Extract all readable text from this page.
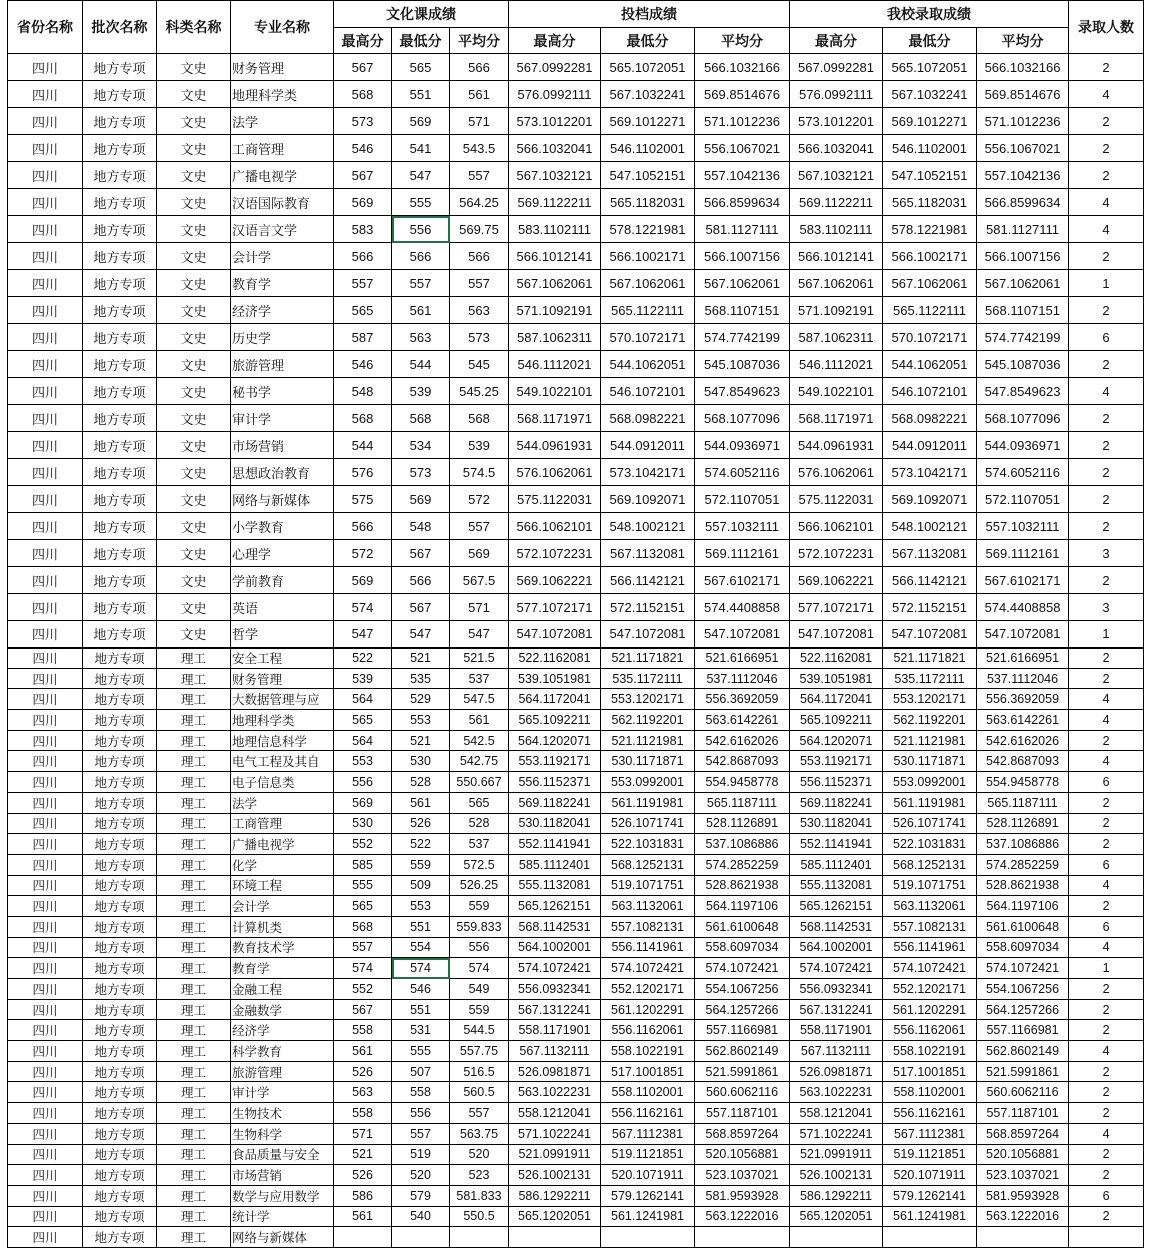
省份名称	批次名称	科类名称	专业名称	文化课成绩			投档成绩			我校录取成绩			录取人数
				最高分	最低分	平均分	最高分	最低分	平均分	最高分	最低分	平均分	
四川	地方专项	文史	财务管理	567	565	566	567.0992281	565.1072051	566.1032166	567.0992281	565.1072051	566.1032166	2
四川	地方专项	文史	地理科学类	568	551	561	576.0992111	567.1032241	569.8514676	576.0992111	567.1032241	569.8514676	4
四川	地方专项	文史	法学	573	569	571	573.1012201	569.1012271	571.1012236	573.1012201	569.1012271	571.1012236	2
四川	地方专项	文史	工商管理	546	541	543.5	566.1032041	546.1102001	556.1067021	566.1032041	546.1102001	556.1067021	2
四川	地方专项	文史	广播电视学	567	547	557	567.1032121	547.1052151	557.1042136	567.1032121	547.1052151	557.1042136	2
四川	地方专项	文史	汉语国际教育	569	555	564.25	569.1122211	565.1182031	566.8599634	569.1122211	565.1182031	566.8599634	4
四川	地方专项	文史	汉语言文学	583	556	569.75	583.1102111	578.1221981	581.1127111	583.1102111	578.1221981	581.1127111	4
四川	地方专项	文史	会计学	566	566	566	566.1012141	566.1002171	566.1007156	566.1012141	566.1002171	566.1007156	2
四川	地方专项	文史	教育学	557	557	557	567.1062061	567.1062061	567.1062061	567.1062061	567.1062061	567.1062061	1
四川	地方专项	文史	经济学	565	561	563	571.1092191	565.1122111	568.1107151	571.1092191	565.1122111	568.1107151	2
四川	地方专项	文史	历史学	587	563	573	587.1062311	570.1072171	574.7742199	587.1062311	570.1072171	574.7742199	6
四川	地方专项	文史	旅游管理	546	544	545	546.1112021	544.1062051	545.1087036	546.1112021	544.1062051	545.1087036	2
四川	地方专项	文史	秘书学	548	539	545.25	549.1022101	546.1072101	547.8549623	549.1022101	546.1072101	547.8549623	4
四川	地方专项	文史	审计学	568	568	568	568.1171971	568.0982221	568.1077096	568.1171971	568.0982221	568.1077096	2
四川	地方专项	文史	市场营销	544	534	539	544.0961931	544.0912011	544.0936971	544.0961931	544.0912011	544.0936971	2
四川	地方专项	文史	思想政治教育	576	573	574.5	576.1062061	573.1042171	574.6052116	576.1062061	573.1042171	574.6052116	2
四川	地方专项	文史	网络与新媒体	575	569	572	575.1122031	569.1092071	572.1107051	575.1122031	569.1092071	572.1107051	2
四川	地方专项	文史	小学教育	566	548	557	566.1062101	548.1002121	557.1032111	566.1062101	548.1002121	557.1032111	2
四川	地方专项	文史	心理学	572	567	569	572.1072231	567.1132081	569.1112161	572.1072231	567.1132081	569.1112161	3
四川	地方专项	文史	学前教育	569	566	567.5	569.1062221	566.1142121	567.6102171	569.1062221	566.1142121	567.6102171	2
四川	地方专项	文史	英语	574	567	571	577.1072171	572.1152151	574.4408858	577.1072171	572.1152151	574.4408858	3
四川	地方专项	文史	哲学	547	547	547	547.1072081	547.1072081	547.1072081	547.1072081	547.1072081	547.1072081	1
四川	地方专项	理工	安全工程	522	521	521.5	522.1162081	521.1171821	521.6166951	522.1162081	521.1171821	521.6166951	2
四川	地方专项	理工	财务管理	539	535	537	539.1051981	535.1172111	537.1112046	539.1051981	535.1172111	537.1112046	2
四川	地方专项	理工	大数据管理与应	564	529	547.5	564.1172041	553.1202171	556.3692059	564.1172041	553.1202171	556.3692059	4
四川	地方专项	理工	地理科学类	565	553	561	565.1092211	562.1192201	563.6142261	565.1092211	562.1192201	563.6142261	4
四川	地方专项	理工	地理信息科学	564	521	542.5	564.1202071	521.1121981	542.6162026	564.1202071	521.1121981	542.6162026	2
四川	地方专项	理工	电气工程及其自	553	530	542.75	553.1192171	530.1171871	542.8687093	553.1192171	530.1171871	542.8687093	4
四川	地方专项	理工	电子信息类	556	528	550.667	556.1152371	553.0992001	554.9458778	556.1152371	553.0992001	554.9458778	6
四川	地方专项	理工	法学	569	561	565	569.1182241	561.1191981	565.1187111	569.1182241	561.1191981	565.1187111	2
四川	地方专项	理工	工商管理	530	526	528	530.1182041	526.1071741	528.1126891	530.1182041	526.1071741	528.1126891	2
四川	地方专项	理工	广播电视学	552	522	537	552.1141941	522.1031831	537.1086886	552.1141941	522.1031831	537.1086886	2
四川	地方专项	理工	化学	585	559	572.5	585.1112401	568.1252131	574.2852259	585.1112401	568.1252131	574.2852259	6
四川	地方专项	理工	环境工程	555	509	526.25	555.1132081	519.1071751	528.8621938	555.1132081	519.1071751	528.8621938	4
四川	地方专项	理工	会计学	565	553	559	565.1262151	563.1132061	564.1197106	565.1262151	563.1132061	564.1197106	2
四川	地方专项	理工	计算机类	568	551	559.833	568.1142531	557.1082131	561.6100648	568.1142531	557.1082131	561.6100648	6
四川	地方专项	理工	教育技术学	557	554	556	564.1002001	556.1141961	558.6097034	564.1002001	556.1141961	558.6097034	4
四川	地方专项	理工	教育学	574	574	574	574.1072421	574.1072421	574.1072421	574.1072421	574.1072421	574.1072421	1
四川	地方专项	理工	金融工程	552	546	549	556.0932341	552.1202171	554.1067256	556.0932341	552.1202171	554.1067256	2
四川	地方专项	理工	金融数学	567	551	559	567.1312241	561.1202291	564.1257266	567.1312241	561.1202291	564.1257266	2
四川	地方专项	理工	经济学	558	531	544.5	558.1171901	556.1162061	557.1166981	558.1171901	556.1162061	557.1166981	2
四川	地方专项	理工	科学教育	561	555	557.75	567.1132111	558.1022191	562.8602149	567.1132111	558.1022191	562.8602149	4
四川	地方专项	理工	旅游管理	526	507	516.5	526.0981871	517.1001851	521.5991861	526.0981871	517.1001851	521.5991861	2
四川	地方专项	理工	审计学	563	558	560.5	563.1022231	558.1102001	560.6062116	563.1022231	558.1102001	560.6062116	2
四川	地方专项	理工	生物技术	558	556	557	558.1212041	556.1162161	557.1187101	558.1212041	556.1162161	557.1187101	2
四川	地方专项	理工	生物科学	571	557	563.75	571.1022241	567.1112381	568.8597264	571.1022241	567.1112381	568.8597264	4
四川	地方专项	理工	食品质量与安全	521	519	520	521.0991911	519.1121851	520.1056881	521.0991911	519.1121851	520.1056881	2
四川	地方专项	理工	市场营销	526	520	523	526.1002131	520.1071911	523.1037021	526.1002131	520.1071911	523.1037021	2
四川	地方专项	理工	数学与应用数学	586	579	581.833	586.1292211	579.1262141	581.9593928	586.1292211	579.1262141	581.9593928	6
四川	地方专项	理工	统计学	561	540	550.5	565.1202051	561.1241981	563.1222016	565.1202051	561.1241981	563.1222016	2
四川	地方专项	理工	网络与新媒体										
